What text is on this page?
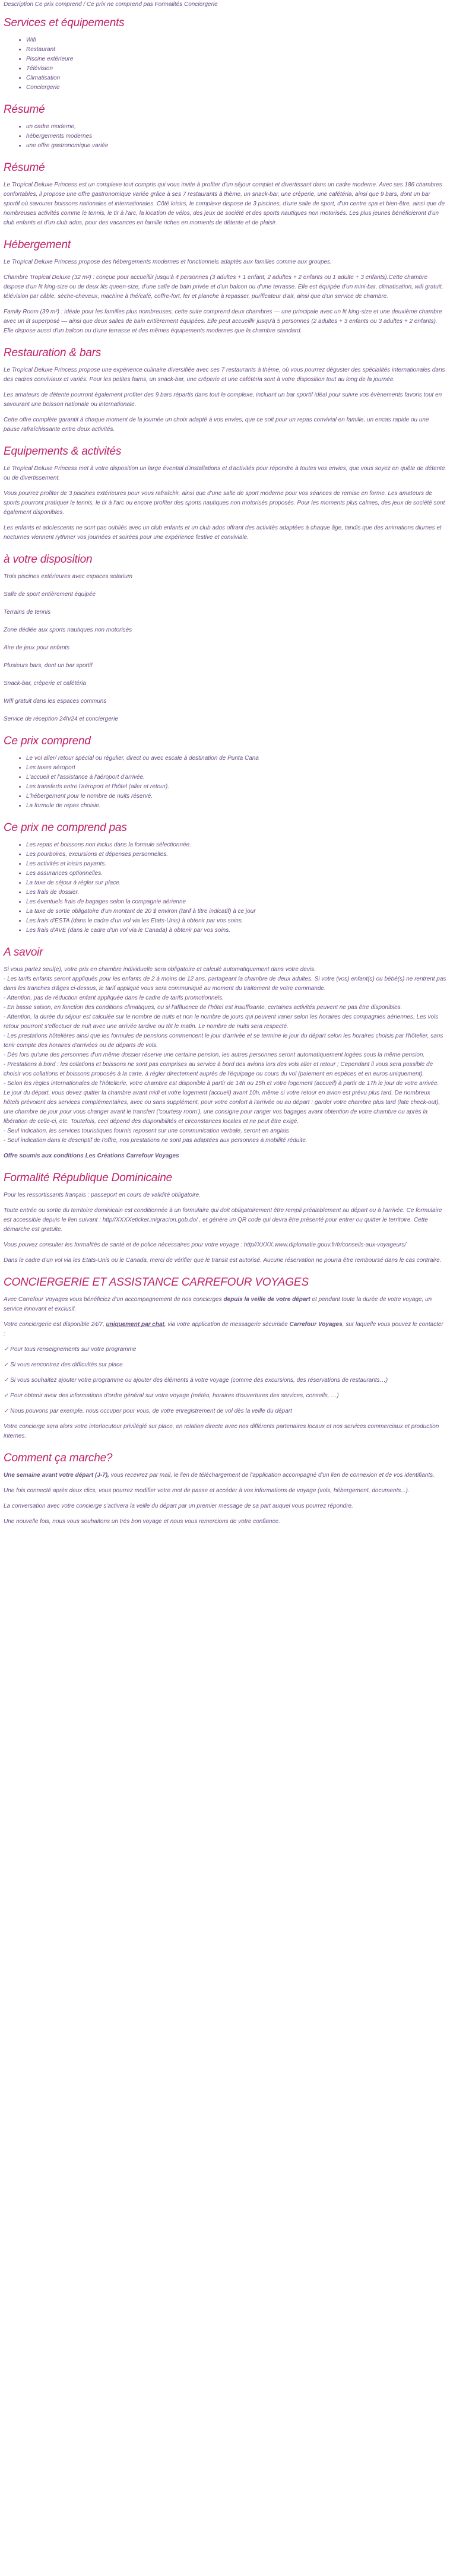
Description Ce prix comprend / Ce prix ne comprend pas Formalités Conciergerie

Services et équipements
• Wifi
• Restaurant
• Piscine extérieure
• Télévision
• Climatisation
• Conciergerie
Résumé
• un cadre moderne,
• hébergements modernes
• une offre gastronomique variée
Résumé

Le Tropical Deluxe Princess est un complexe tout compris qui vous invite à profiter d'un séjour complet et divertissant dans un cadre moderne. Avec ses 186 chambres confortables, il propose une offre gastronomique variée grâce à ses 7 restaurants à thème, un snack-bar, une crêperie, une cafétéria, ainsi que 9 bars, dont un bar sportif où savourer boissons nationales et internationales. Côté loisirs, le complexe dispose de 3 piscines, d'une salle de sport, d'un centre spa et bien-être, ainsi que de nombreuses activités comme le tennis, le tir à l'arc, la location de vélos, des jeux de société et des sports nautiques non motorisés. Les plus jeunes bénéficieront d'un club enfants et d'un club ados, pour des vacances en famille riches en moments de détente et de plaisir.

Hébergement

Le Tropical Deluxe Princess propose des hébergements modernes et fonctionnels adaptés aux familles comme aux groupes.

Chambre Tropical Deluxe (32 m²) : conçue pour accueillir jusqu'à 4 personnes (3 adultes + 1 enfant, 2 adultes + 2 enfants ou 1 adulte + 3 enfants).Cette chambre dispose d'un lit king-size ou de deux lits queen-size, d'une salle de bain privée et d'un balcon ou d'une terrasse. Elle est équipée d'un mini-bar, climatisation, wifi gratuit, télévision par câble, sèche-cheveux, machine à thé/café, coffre-fort, fer et planche à repasser, purificateur d'air, ainsi que d'un service de chambre.

Family Room (39 m²) : idéale pour les familles plus nombreuses, cette suite comprend deux chambres — une principale avec un lit king-size et une deuxième chambre avec un lit superposé — ainsi que deux salles de bain entièrement équipées. Elle peut accueillir jusqu'à 5 personnes (2 adultes + 3 enfants ou 3 adultes + 2 enfants). Elle dispose aussi d'un balcon ou d'une terrasse et des mêmes équipements modernes que la chambre standard.

Restauration & bars

Le Tropical Deluxe Princess propose une expérience culinaire diversifiée avec ses 7 restaurants à thème, où vous pourrez déguster des spécialités internationales dans des cadres conviviaux et variés. Pour les petites faims, un snack-bar, une crêperie et une cafétéria sont à votre disposition tout au long de la journée.

Les amateurs de détente pourront également profiter des 9 bars répartis dans tout le complexe, incluant un bar sportif idéal pour suivre vos évènements favoris tout en savourant une boisson nationale ou internationale.

Cette offre complète garantit à chaque moment de la journée un choix adapté à vos envies, que ce soit pour un repas convivial en famille, un encas rapide ou une pause rafraîchissante entre deux activités.

Equipements & activités

Le Tropical Deluxe Princess met à votre disposition un large éventail d'installations et d'activités pour répondre à toutes vos envies, que vous soyez en quête de détente ou de divertissement.

Vous pourrez profiter de 3 piscines extérieures pour vous rafraîchir, ainsi que d'une salle de sport moderne pour vos séances de remise en forme. Les amateurs de sports pourront pratiquer le tennis, le tir à l'arc ou encore profiter des sports nautiques non motorisés proposés. Pour les moments plus calmes, des jeux de société sont également disponibles.

Les enfants et adolescents ne sont pas oubliés avec un club enfants et un club ados offrant des activités adaptées à chaque âge, tandis que des animations diurnes et nocturnes viennent rythmer vos journées et soirées pour une expérience festive et conviviale.

à votre disposition

Trois piscines extérieures avec espaces solarium

Salle de sport entièrement équipée

Terrains de tennis

Zone dédiée aux sports nautiques non motorisés

Aire de jeux pour enfants

Plusieurs bars, dont un bar sportif

Snack-bar, crêperie et cafétéria

Wifi gratuit dans les espaces communs

Service de réception 24h/24 et conciergerie

Ce prix comprend
• Le vol aller/ retour spécial ou régulier, direct ou avec escale à destination de Punta Cana
• Les taxes aéroport
• L'accueil et l'assistance à l'aéroport d'arrivée.
• Les transferts entre l'aéroport et l'hôtel (aller et retour).
• L'hébergement pour le nombre de nuits réservé.
• La formule de repas choisie.
Ce prix ne comprend pas
• Les repas et boissons non inclus dans la formule sélectionnée.
• Les pourboires, excursions et dépenses personnelles.
• Les activités et loisirs payants.
• Les assurances optionnelles.
• La taxe de séjour à régler sur place.
• Les frais de dossier.
• Les éventuels frais de bagages selon la compagnie aérienne
• La taxe de sortie obligatoire d'un montant de 20 $ environ (tarif à titre indicatif) à ce jour
• Les frais d'ESTA (dans le cadre d'un vol via les Etats-Unis) à obtenir par vos soins.
• Les frais d'AVE (dans le cadre d'un vol via le Canada) à obtenir par vos soins.
A savoir

Si vous partez seul(e), votre prix en chambre individuelle sera obligatoire et calculé automatiquement dans votre devis.

- Les tarifs enfants seront appliqués pour les enfants de 2 à moins de 12 ans, partageant la chambre de deux adultes. Si votre (vos) enfant(s) ou bébé(s) ne rentrent pas dans les tranches d'âges ci-dessus, le tarif appliqué vous sera communiqué au moment du traitement de votre commande.

- Attention, pas de réduction enfant appliquée dans le cadre de tarifs promotionnels.

- En basse saison, en fonction des conditions climatiques, ou si l'affluence de l'hôtel est insuffisante, certaines activités peuvent ne pas être disponibles.

- Attention, la durée du séjour est calculée sur le nombre de nuits et non le nombre de jours qui peuvent varier selon les horaires des compagnies aériennes. Les vols retour pourront s'effectuer de nuit avec une arrivée tardive ou tôt le matin. Le nombre de nuits sera respecté.

- Les prestations hôtelières ainsi que les formules de pensions commencent le jour d'arrivée et se termine le jour du départ selon les horaires choisis par l'hôtelier, sans tenir compte des horaires d'arrivées ou de départs de vols.

- Dès lors qu'une des personnes d'un même dossier réserve une certaine pension, les autres personnes seront automatiquement logées sous la même pension.

- Prestations à bord : les collations et boissons ne sont pas comprises au service à bord des avions lors des vols aller et retour ; Cependant il vous sera possible de choisir vos collations et boissons proposés à la carte, à régler directement auprès de l'équipage ou cours du vol (paiement en espèces et en euros uniquement).

- Selon les règles internationales de l'hôtellerie, votre chambre est disponible à partir de 14h ou 15h et votre logement (accueil) à partir de 17h le jour de votre arrivée. Le jour du départ, vous devez quitter la chambre avant midi et votre logement (accueil) avant 10h, même si votre retour en avion est prévu plus tard. De nombreux hôtels prévoient des services complémentaires, avec ou sans supplément, pour votre confort à l'arrivée ou au départ : garder votre chambre plus tard (late check-out), une chambre de jour pour vous changer avant le transfert ('courtesy room'), une consigne pour ranger vos bagages avant obtention de votre chambre ou après la libération de celle-ci, etc. Toutefois, ceci dépend des disponibilités et circonstances locales et ne peut être exigé.

- Seul indication, les services touristiques fournis reposent sur une communication verbale, seront en anglais

- Seul indication dans le descriptif de l'offre, nos prestations ne sont pas adaptées aux personnes à mobilité réduite.

Offre soumis aux conditions Les Créations Carrefour Voyages

Formalité République Dominicaine

Pour les ressortissants français : passeport en cours de validité obligatoire.

Toute entrée ou sortie du territoire dominicain est conditionnée à un formulaire qui doit obligatoirement être rempli préalablement au départ ou à l'arrivée. Ce formulaire est accessible depuis le lien suivant : http//XXXXeticket.migracion.gob.do/ , et génère un QR code qui devra être présenté pour entrer ou quitter le territoire. Cette démarche est gratuite.

Vous pouvez consulter les formalités de santé et de police nécessaires pour votre voyage : http//XXXX.www.diplomatie.gouv.fr/fr/conseils-aux-voyageurs/

Dans le cadre d'un vol via les Etats-Unis ou le Canada, merci de vérifier que le transit est autorisé. Aucune réservation ne pourra être remboursé dans le cas contraire.

CONCIERGERIE ET ASSISTANCE CARREFOUR VOYAGES

Avec Carrefour Voyages vous bénéficiez d'un accompagnement de nos concierges depuis la veille de votre départ et pendant toute la durée de votre voyage, un service innovant et exclusif.

Votre conciergerie est disponible 24/7, uniquement par chat, via votre application de messagerie sécurisée Carrefour Voyages, sur laquelle vous pouvez le contacter :

✓ Pour tous renseignements sur votre programme

✓ Si vous rencontrez des difficultés sur place

✓ Si vous souhaitez ajouter votre programme ou ajouter des éléments à votre voyage (comme des excursions, des réservations de restaurants…)

✓ Pour obtenir avoir des informations d'ordre général sur votre voyage (météo, horaires d'ouvertures des services, conseils, …)

✓ Nous pouvons par exemple, nous occuper pour vous, de votre enregistrement de vol dès la veille du départ

Votre concierge sera alors votre interlocuteur privilégié sur place, en relation directe avec nos différents partenaires locaux et nos services commerciaux et production internes.

Comment ça marche?

Une semaine avant votre départ (J-7), vous recevrez par mail, le lien de téléchargement de l'application accompagné d'un lien de connexion et de vos identifiants.

Une fois connecté après deux clics, vous pourrez modifier votre mot de passe et accéder à vos informations de voyage (vols, hébergement, documents...).

La conversation avec votre concierge s'activera la veille du départ par un premier message de sa part auquel vous pourrez répondre.

Une nouvelle fois, nous vous souhaitons un très bon voyage et nous vous remercions de votre confiance.
